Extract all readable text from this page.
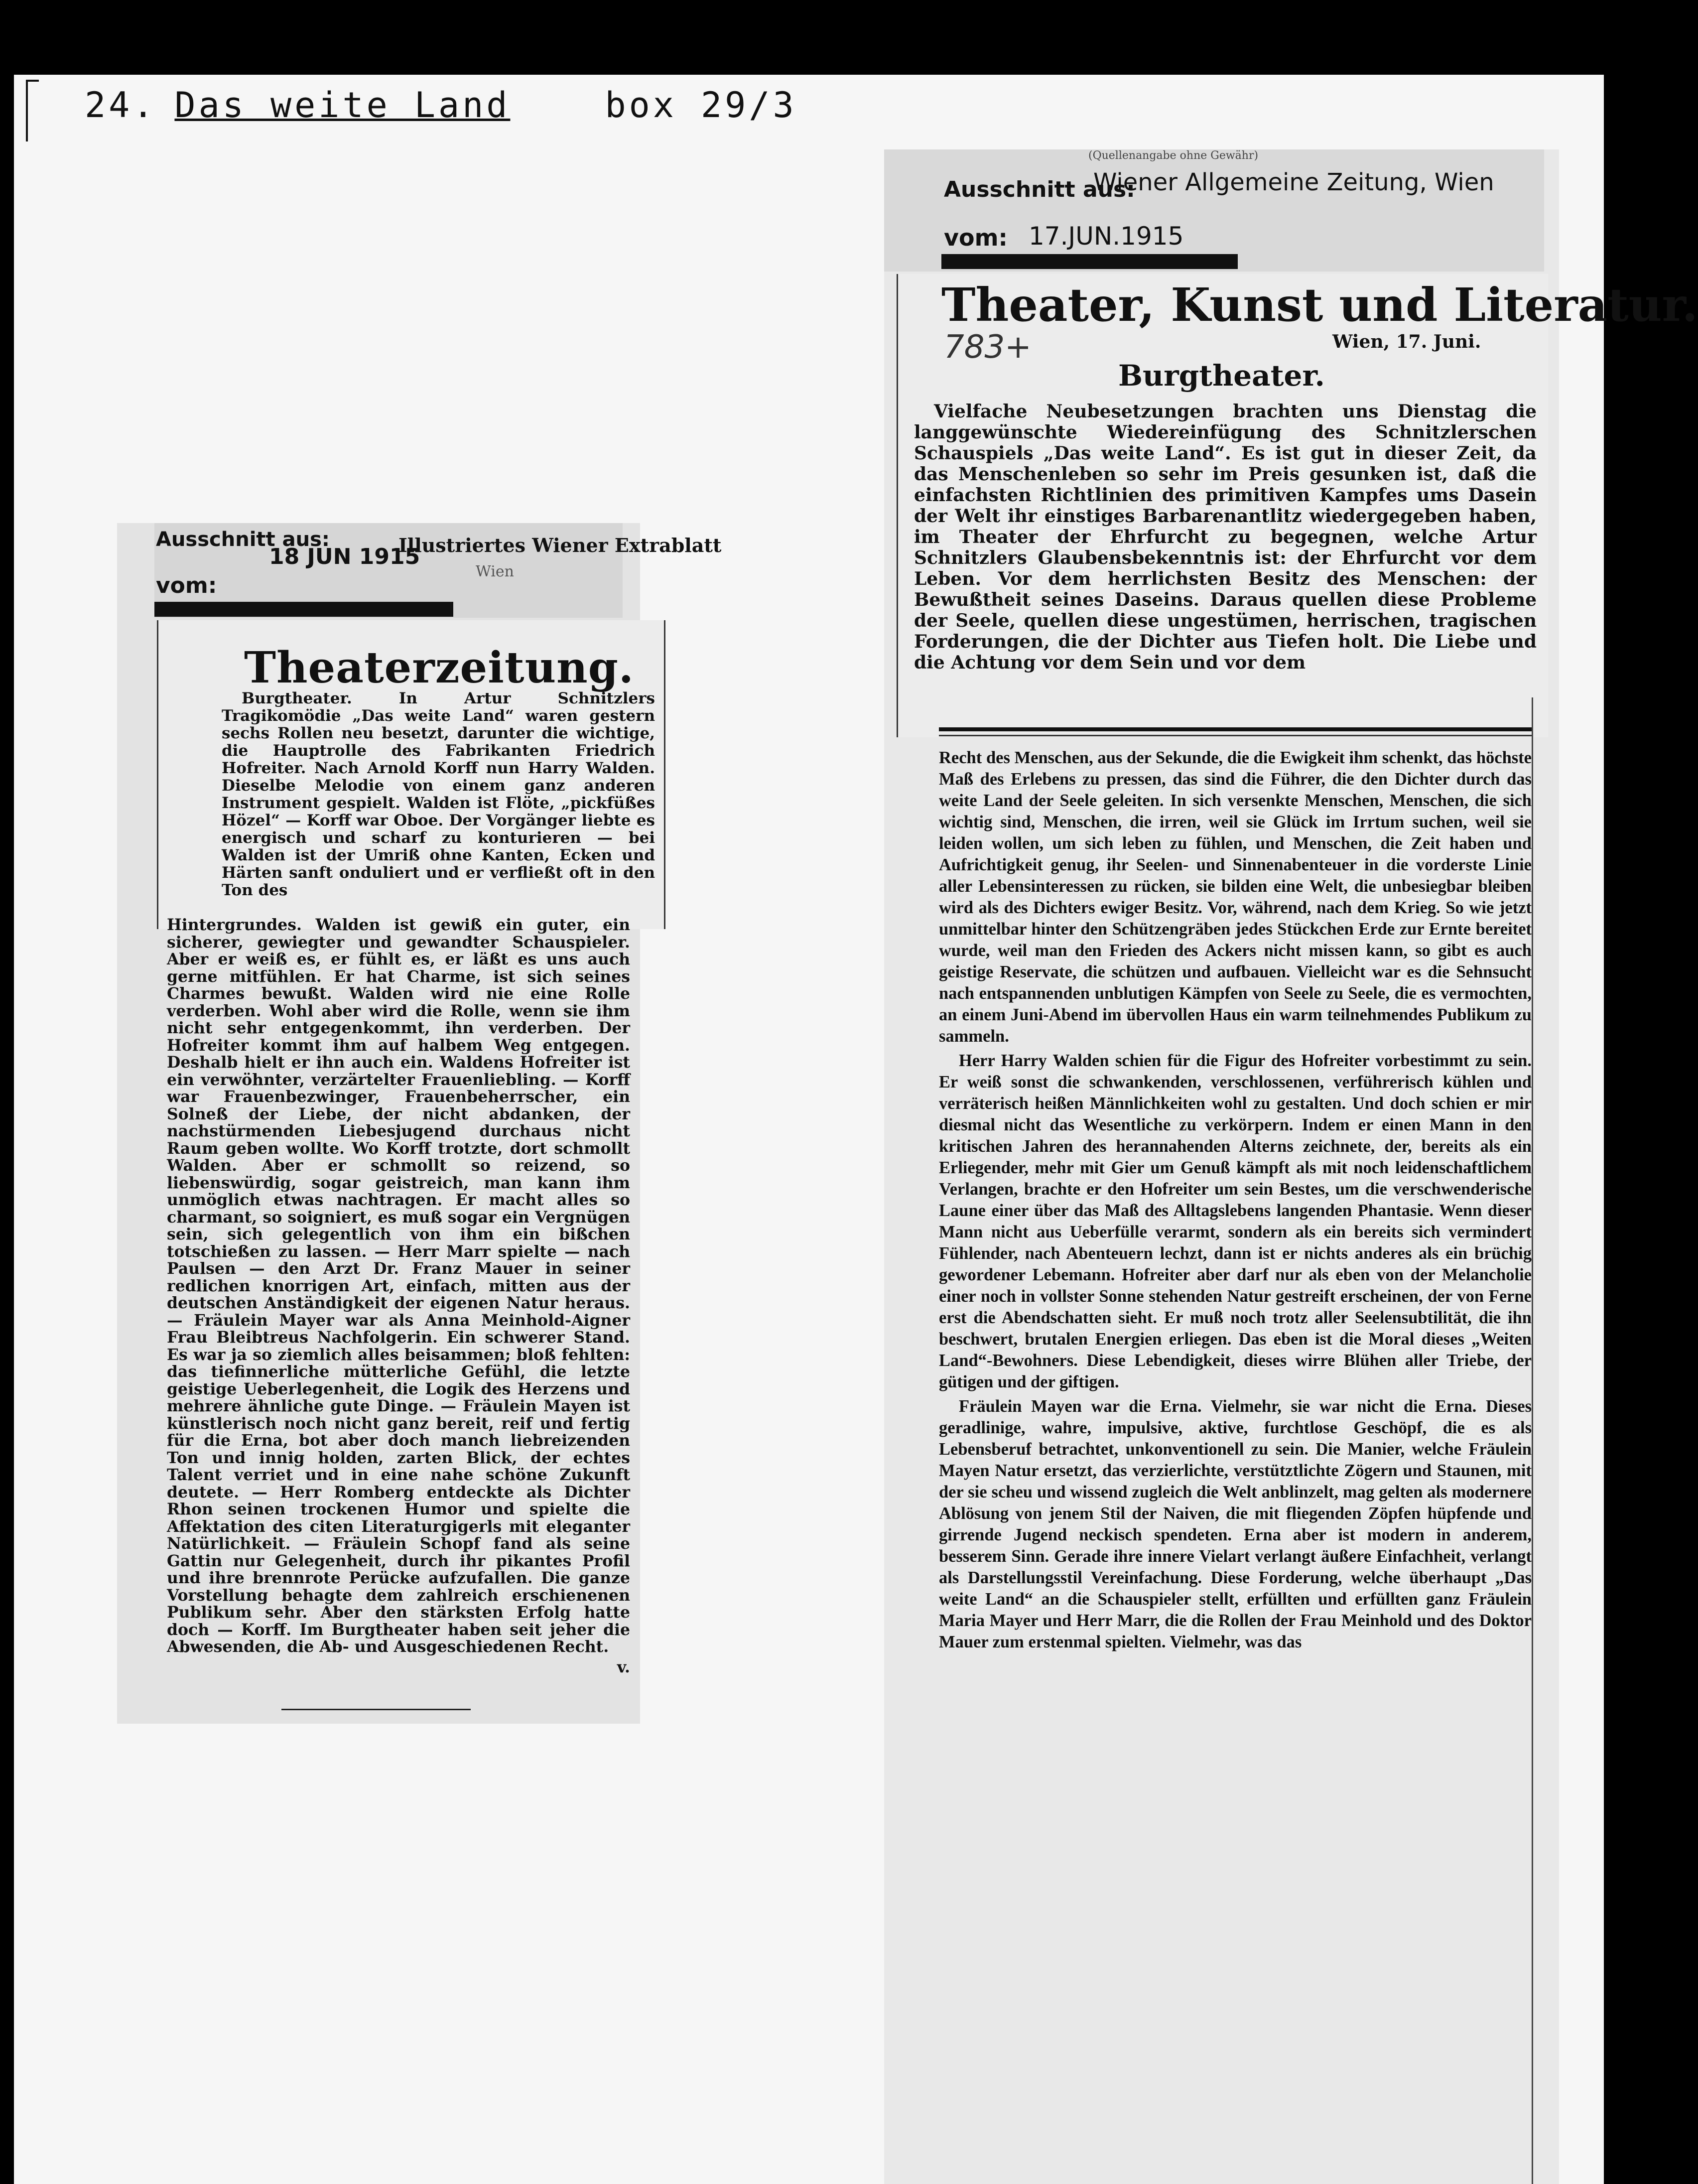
24. Das weite Land	box 29/3
Ausschnitt aus:	Illustriertes Wiener Extrablatt
18 JUN 1915
Wien
vom:
Theaterzeitung.

Burgtheater. In Artur Schnitzlers Tragikomödie „Das weite Land“ waren gestern sechs Rollen neu besetzt, darunter die wichtige, die Hauptrolle des Fabrikanten Friedrich Hofreiter. Nach Arnold Korff nun Harry Walden. Dieselbe Melodie von einem ganz anderen Instrument gespielt. Walden ist Flöte, „pickfüßes Hözel“ — Korff war Oboe. Der Vorgänger liebte es energisch und scharf zu konturieren — bei Walden ist der Umriß ohne Kanten, Ecken und Härten sanft onduliert und er verfließt oft in den Ton des

Hintergrundes. Walden ist gewiß ein guter, ein sicherer, gewiegter und gewandter Schauspieler. Aber er weiß es, er fühlt es, er läßt es uns auch gerne mitfühlen. Er hat Charme, ist sich seines Charmes bewußt. Walden wird nie eine Rolle verderben. Wohl aber wird die Rolle, wenn sie ihm nicht sehr entgegenkommt, ihn verderben. Der Hofreiter kommt ihm auf halbem Weg entgegen. Deshalb hielt er ihn auch ein. Waldens Hofreiter ist ein verwöhnter, verzärtelter Frauenliebling. — Korff war Frauenbezwinger, Frauenbeherrscher, ein Solneß der Liebe, der nicht abdanken, der nachstürmenden Liebesjugend durchaus nicht Raum geben wollte. Wo Korff trotzte, dort schmollt Walden. Aber er schmollt so reizend, so liebenswürdig, sogar geistreich, man kann ihm unmöglich etwas nachtragen. Er macht alles so charmant, so soigniert, es muß sogar ein Vergnügen sein, sich gelegentlich von ihm ein bißchen totschießen zu lassen. — Herr Marr spielte — nach Paulsen — den Arzt Dr. Franz Mauer in seiner redlichen knorrigen Art, einfach, mitten aus der deutschen Anständigkeit der eigenen Natur heraus. — Fräulein Mayer war als Anna Meinhold-Aigner Frau Bleibtreus Nachfolgerin. Ein schwerer Stand. Es war ja so ziemlich alles beisammen; bloß fehlten: das tiefinnerliche mütterliche Gefühl, die letzte geistige Ueberlegenheit, die Logik des Herzens und mehrere ähnliche gute Dinge. — Fräulein Mayen ist künstlerisch noch nicht ganz bereit, reif und fertig für die Erna, bot aber doch manch liebreizenden Ton und innig holden, zarten Blick, der echtes Talent verriet und in eine nahe schöne Zukunft deutete. — Herr Romberg entdeckte als Dichter Rhon seinen trockenen Humor und spielte die Affektation des citen Literaturgigerls mit eleganter Natürlichkeit. — Fräulein Schopf fand als seine Gattin nur Gelegenheit, durch ihr pikantes Profil und ihre brennrote Perücke aufzufallen. Die ganze Vorstellung behagte dem zahlreich erschienenen Publikum sehr. Aber den stärksten Erfolg hatte doch — Korff. Im Burgtheater haben seit jeher die Abwesenden, die Ab- und Ausgeschiedenen Recht.

v.

(Quellenangabe ohne Gewähr)
Ausschnitt aus:
Wiener Allgemeine Zeitung, Wien
vom: 17.JUN.1915
Theater, Kunst und Literatur.
783+	Wien, 17. Juni.
Burgtheater.

Vielfache Neubesetzungen brachten uns Dienstag die langgewünschte Wiedereinfügung des Schnitzlerschen Schauspiels „Das weite Land“. Es ist gut in dieser Zeit, da das Menschenleben so sehr im Preis gesunken ist, daß die einfachsten Richtlinien des primitiven Kampfes ums Dasein der Welt ihr einstiges Barbarenantlitz wiedergegeben haben, im Theater der Ehrfurcht zu begegnen, welche Artur Schnitzlers Glaubensbekenntnis ist: der Ehrfurcht vor dem Leben. Vor dem herrlichsten Besitz des Menschen: der Bewußtheit seines Daseins. Daraus quellen diese Probleme der Seele, quellen diese ungestümen, herrischen, tragischen Forderungen, die der Dichter aus Tiefen holt. Die Liebe und die Achtung vor dem Sein und vor dem

Recht des Menschen, aus der Sekunde, die die Ewigkeit ihm schenkt, das höchste Maß des Erlebens zu pressen, das sind die Führer, die den Dichter durch das weite Land der Seele geleiten. In sich versenkte Menschen, Menschen, die sich wichtig sind, Menschen, die irren, weil sie Glück im Irrtum suchen, weil sie leiden wollen, um sich leben zu fühlen, und Menschen, die Zeit haben und Aufrichtigkeit genug, ihr Seelen- und Sinnenabenteuer in die vorderste Linie aller Lebensinteressen zu rücken, sie bilden eine Welt, die unbesiegbar bleiben wird als des Dichters ewiger Besitz. Vor, während, nach dem Krieg. So wie jetzt unmittelbar hinter den Schützengräben jedes Stückchen Erde zur Ernte bereitet wurde, weil man den Frieden des Ackers nicht missen kann, so gibt es auch geistige Reservate, die schützen und aufbauen. Vielleicht war es die Sehnsucht nach entspannenden unblutigen Kämpfen von Seele zu Seele, die es vermochten, an einem Juni-Abend im übervollen Haus ein warm teilnehmendes Publikum zu sammeln.

Herr Harry Walden schien für die Figur des Hofreiter vorbestimmt zu sein. Er weiß sonst die schwankenden, verschlossenen, verführerisch kühlen und verräterisch heißen Männlichkeiten wohl zu gestalten. Und doch schien er mir diesmal nicht das Wesentliche zu verkörpern. Indem er einen Mann in den kritischen Jahren des herannahenden Alterns zeichnete, der, bereits als ein Erliegender, mehr mit Gier um Genuß kämpft als mit noch leidenschaftlichem Verlangen, brachte er den Hofreiter um sein Bestes, um die verschwenderische Laune einer über das Maß des Alltagslebens langenden Phantasie. Wenn dieser Mann nicht aus Ueberfülle verarmt, sondern als ein bereits sich vermindert Fühlender, nach Abenteuern lechzt, dann ist er nichts anderes als ein brüchig gewordener Lebemann. Hofreiter aber darf nur als eben von der Melancholie einer noch in vollster Sonne stehenden Natur gestreift erscheinen, der von Ferne erst die Abendschatten sieht. Er muß noch trotz aller Seelensubtilität, die ihn beschwert, brutalen Energien erliegen. Das eben ist die Moral dieses „Weiten Land“-Bewohners. Diese Lebendigkeit, dieses wirre Blühen aller Triebe, der gütigen und der giftigen.

Fräulein Mayen war die Erna. Vielmehr, sie war nicht die Erna. Dieses geradlinige, wahre, impulsive, aktive, furchtlose Geschöpf, die es als Lebensberuf betrachtet, unkonventionell zu sein. Die Manier, welche Fräulein Mayen Natur ersetzt, das verzierlichte, verstütztlichte Zögern und Staunen, mit der sie scheu und wissend zugleich die Welt anblinzelt, mag gelten als modernere Ablösung von jenem Stil der Naiven, die mit fliegenden Zöpfen hüpfende und girrende Jugend neckisch spendeten. Erna aber ist modern in anderem, besserem Sinn. Gerade ihre innere Vielart verlangt äußere Einfachheit, verlangt als Darstellungsstil Vereinfachung. Diese Forderung, welche überhaupt „Das weite Land“ an die Schauspieler stellt, erfüllten und erfüllten ganz Fräulein Maria Mayer und Herr Marr, die die Rollen der Frau Meinhold und des Doktor Mauer zum erstenmal spielten. Vielmehr, was das
